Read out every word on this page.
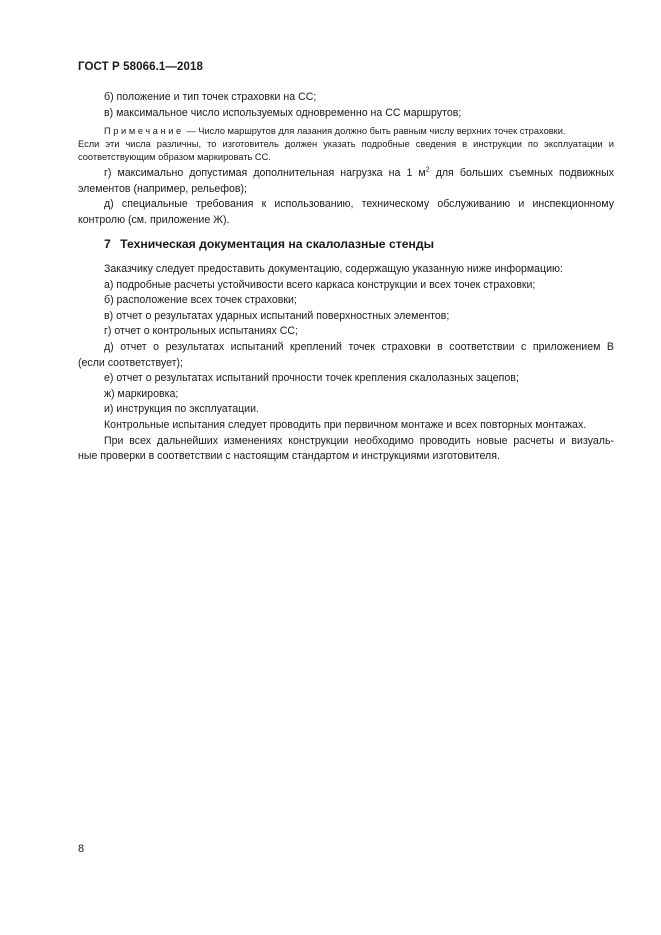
ГОСТ Р 58066.1—2018
б) положение и тип точек страховки на СС;
в) максимальное число используемых одновременно на СС маршрутов;
Примечание — Число маршрутов для лазания должно быть равным числу верхних точек страховки.
Если эти числа различны, то изготовитель должен указать подробные сведения в инструкции по эксплуатации и
соответствующим образом маркировать СС.
г) максимально допустимая дополнительная нагрузка на 1 $м^2$ для больших съемных подвижных
элементов (например, рельефов);
д) специальные требования к использованию, техническому обслуживанию и инспекционному
контролю (см. приложение Ж).
7 Техническая документация на скалолазные стенды
Заказчику следует предоставить документацию, содержащую указанную ниже информацию:
а) подробные расчеты устойчивости всего каркаса конструкции и всех точек страховки;
б) расположение всех точек страховки;
в) отчет о результатах ударных испытаний поверхностных элементов;
г) отчет о контрольных испытаниях СС;
д) отчет о результатах испытаний креплений точек страховки в соответствии с приложением В
(если соответствует);
е) отчет о результатах испытаний прочности точек крепления скалолазных зацепов;
ж) маркировка;
и) инструкция по эксплуатации.
Контрольные испытания следует проводить при первичном монтаже и всех повторных монтажах.
При всех дальнейших изменениях конструкции необходимо проводить новые расчеты и визуаль-
ные проверки в соответствии с настоящим стандартом и инструкциями изготовителя.
8
